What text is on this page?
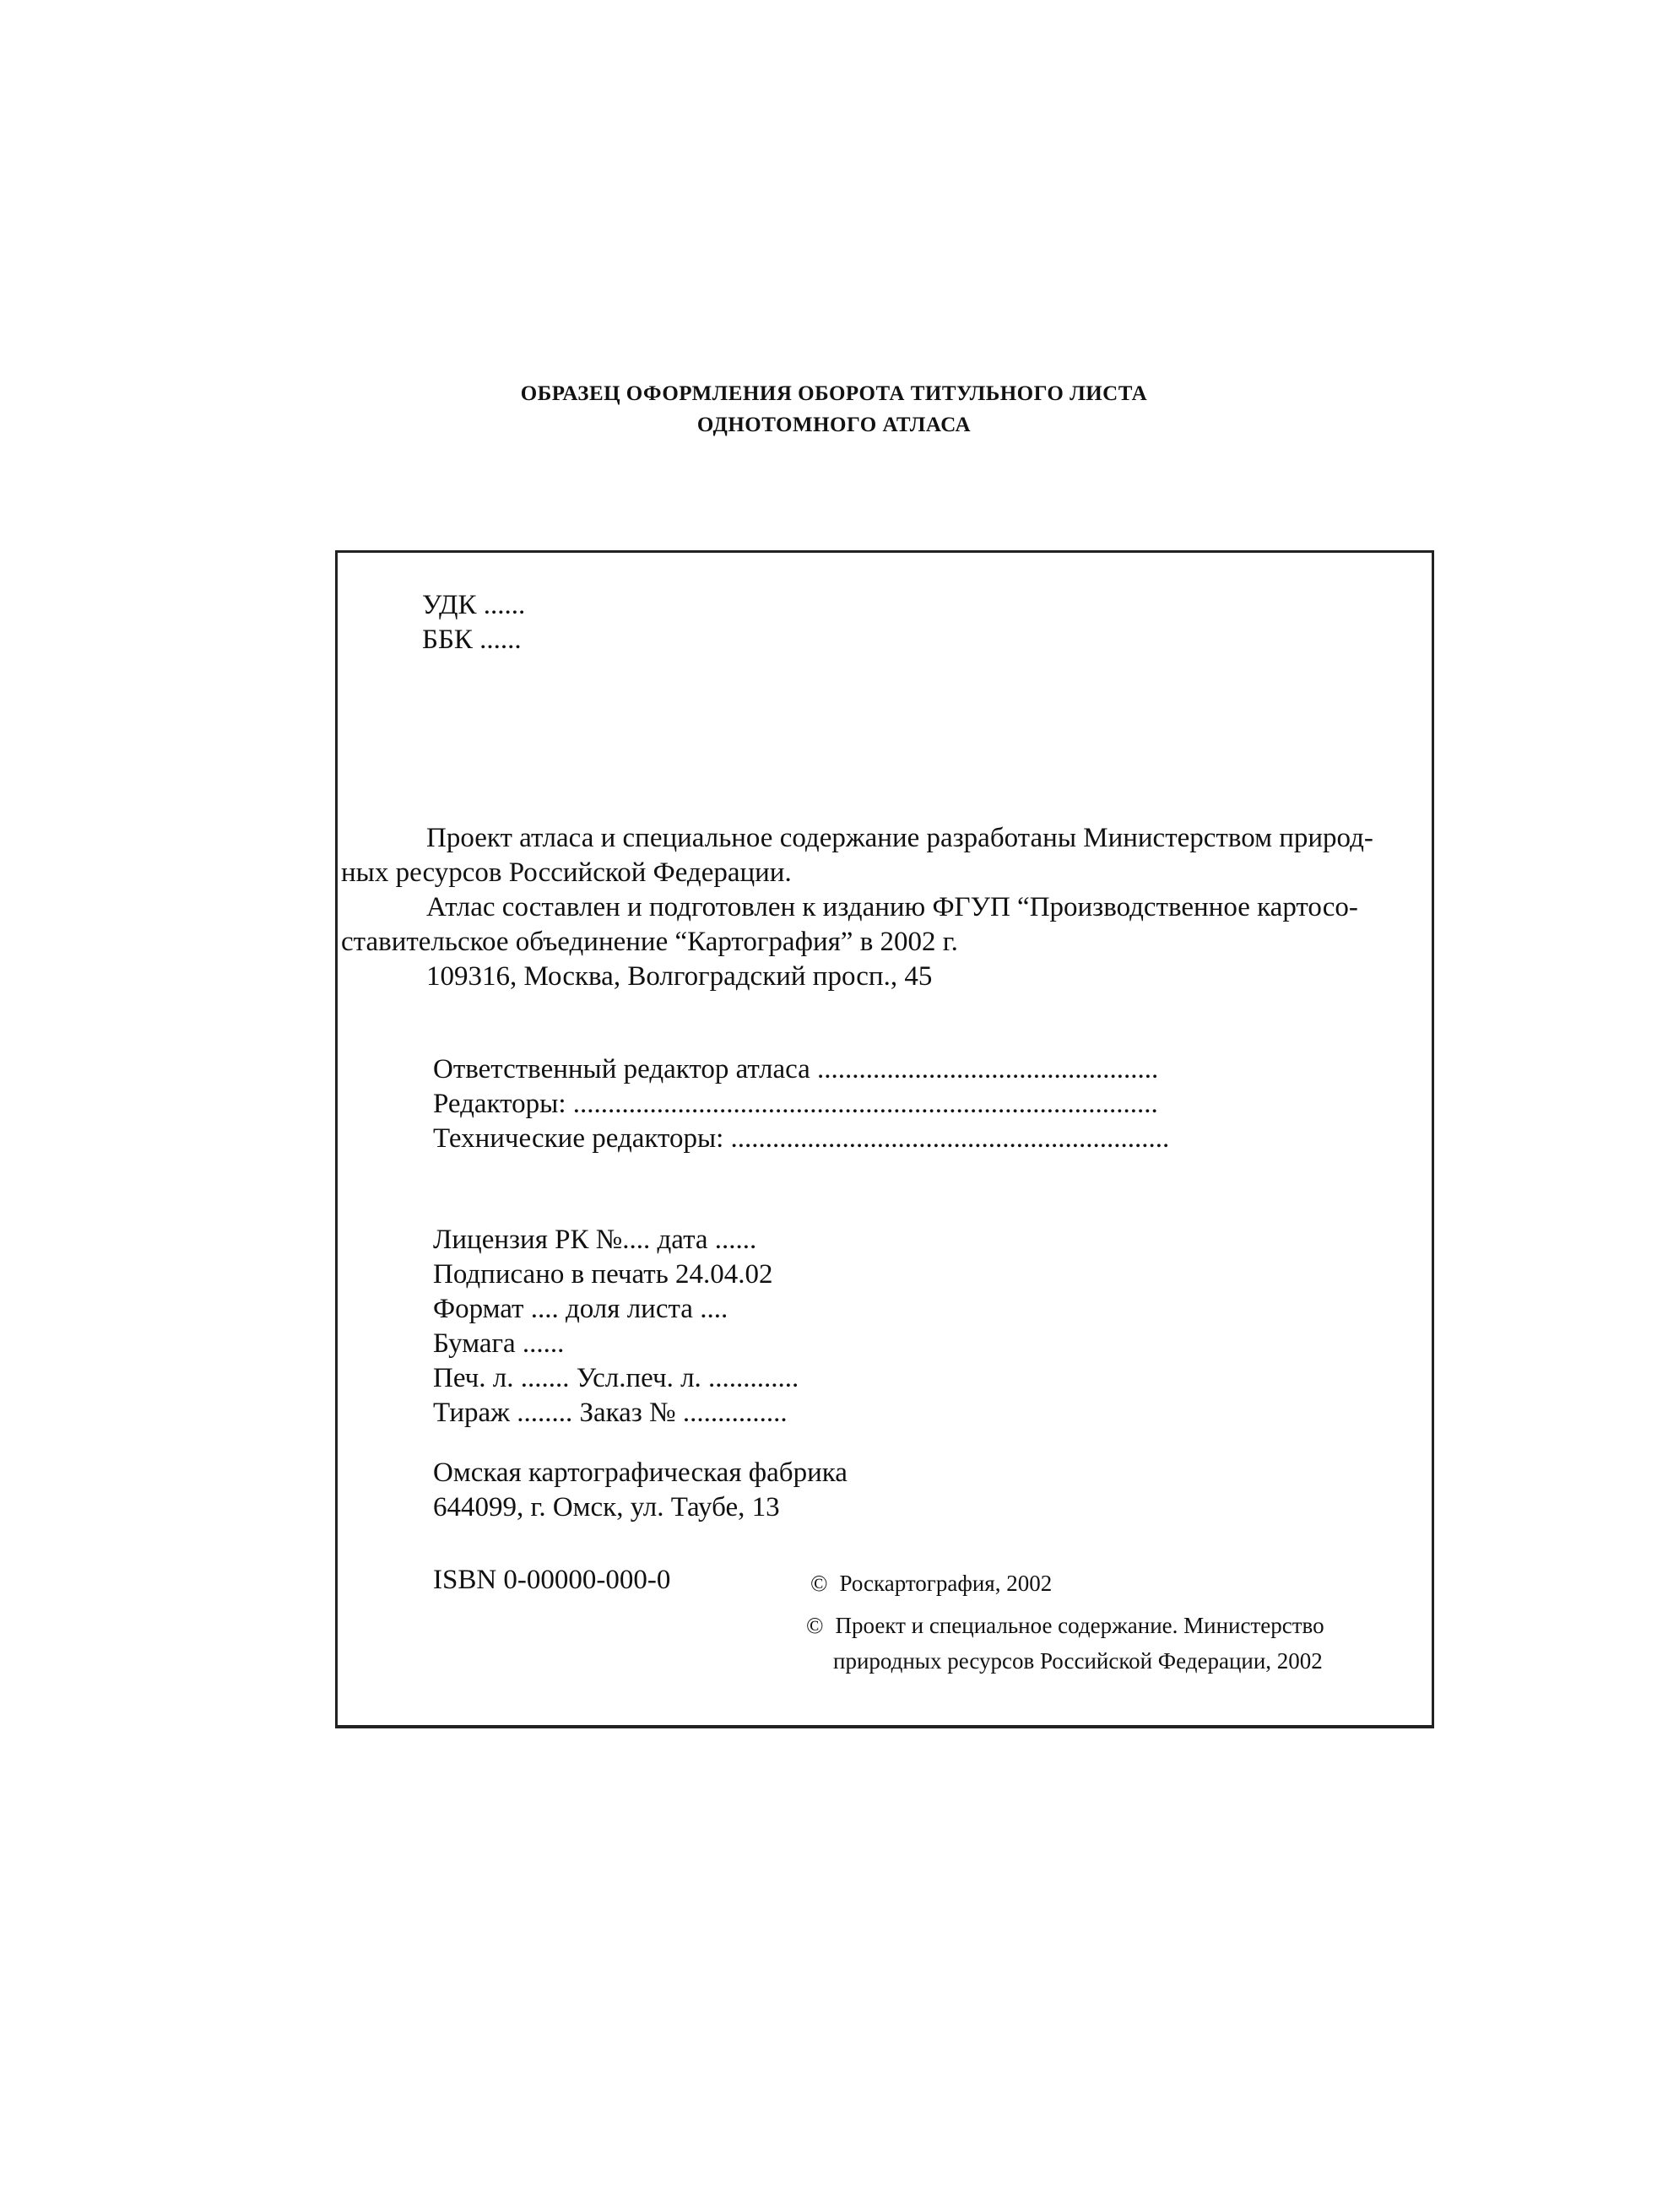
ОБРАЗЕЦ ОФОРМЛЕНИЯ ОБОРОТА ТИТУЛЬНОГО ЛИСТА
ОДНОТОМНОГО АТЛАСА
УДК ......
ББК ......
Проект атласа и специальное содержание разработаны Министерством природ-
ных ресурсов Российской Федерации.
Атлас составлен и подготовлен к изданию ФГУП “Производственное картосо-
ставительское объединение “Картография” в 2002 г.
109316, Москва, Волгоградский просп., 45
Ответственный редактор атласа .................................................
Редакторы: ....................................................................................
Технические редакторы: ...............................................................
Лицензия РК №.... дата ......
Подписано в печать 24.04.02
Формат .... доля листа ....
Бумага ......
Печ. л. ....... Усл.печ. л. .............
Тираж ........ Заказ № ...............
Омская картографическая фабрика
644099, г. Омск, ул. Таубе, 13
ISBN 0-00000-000-0	© Роскартография, 2002
© Проект и специальное содержание. Министерство
природных ресурсов Российской Федерации, 2002
